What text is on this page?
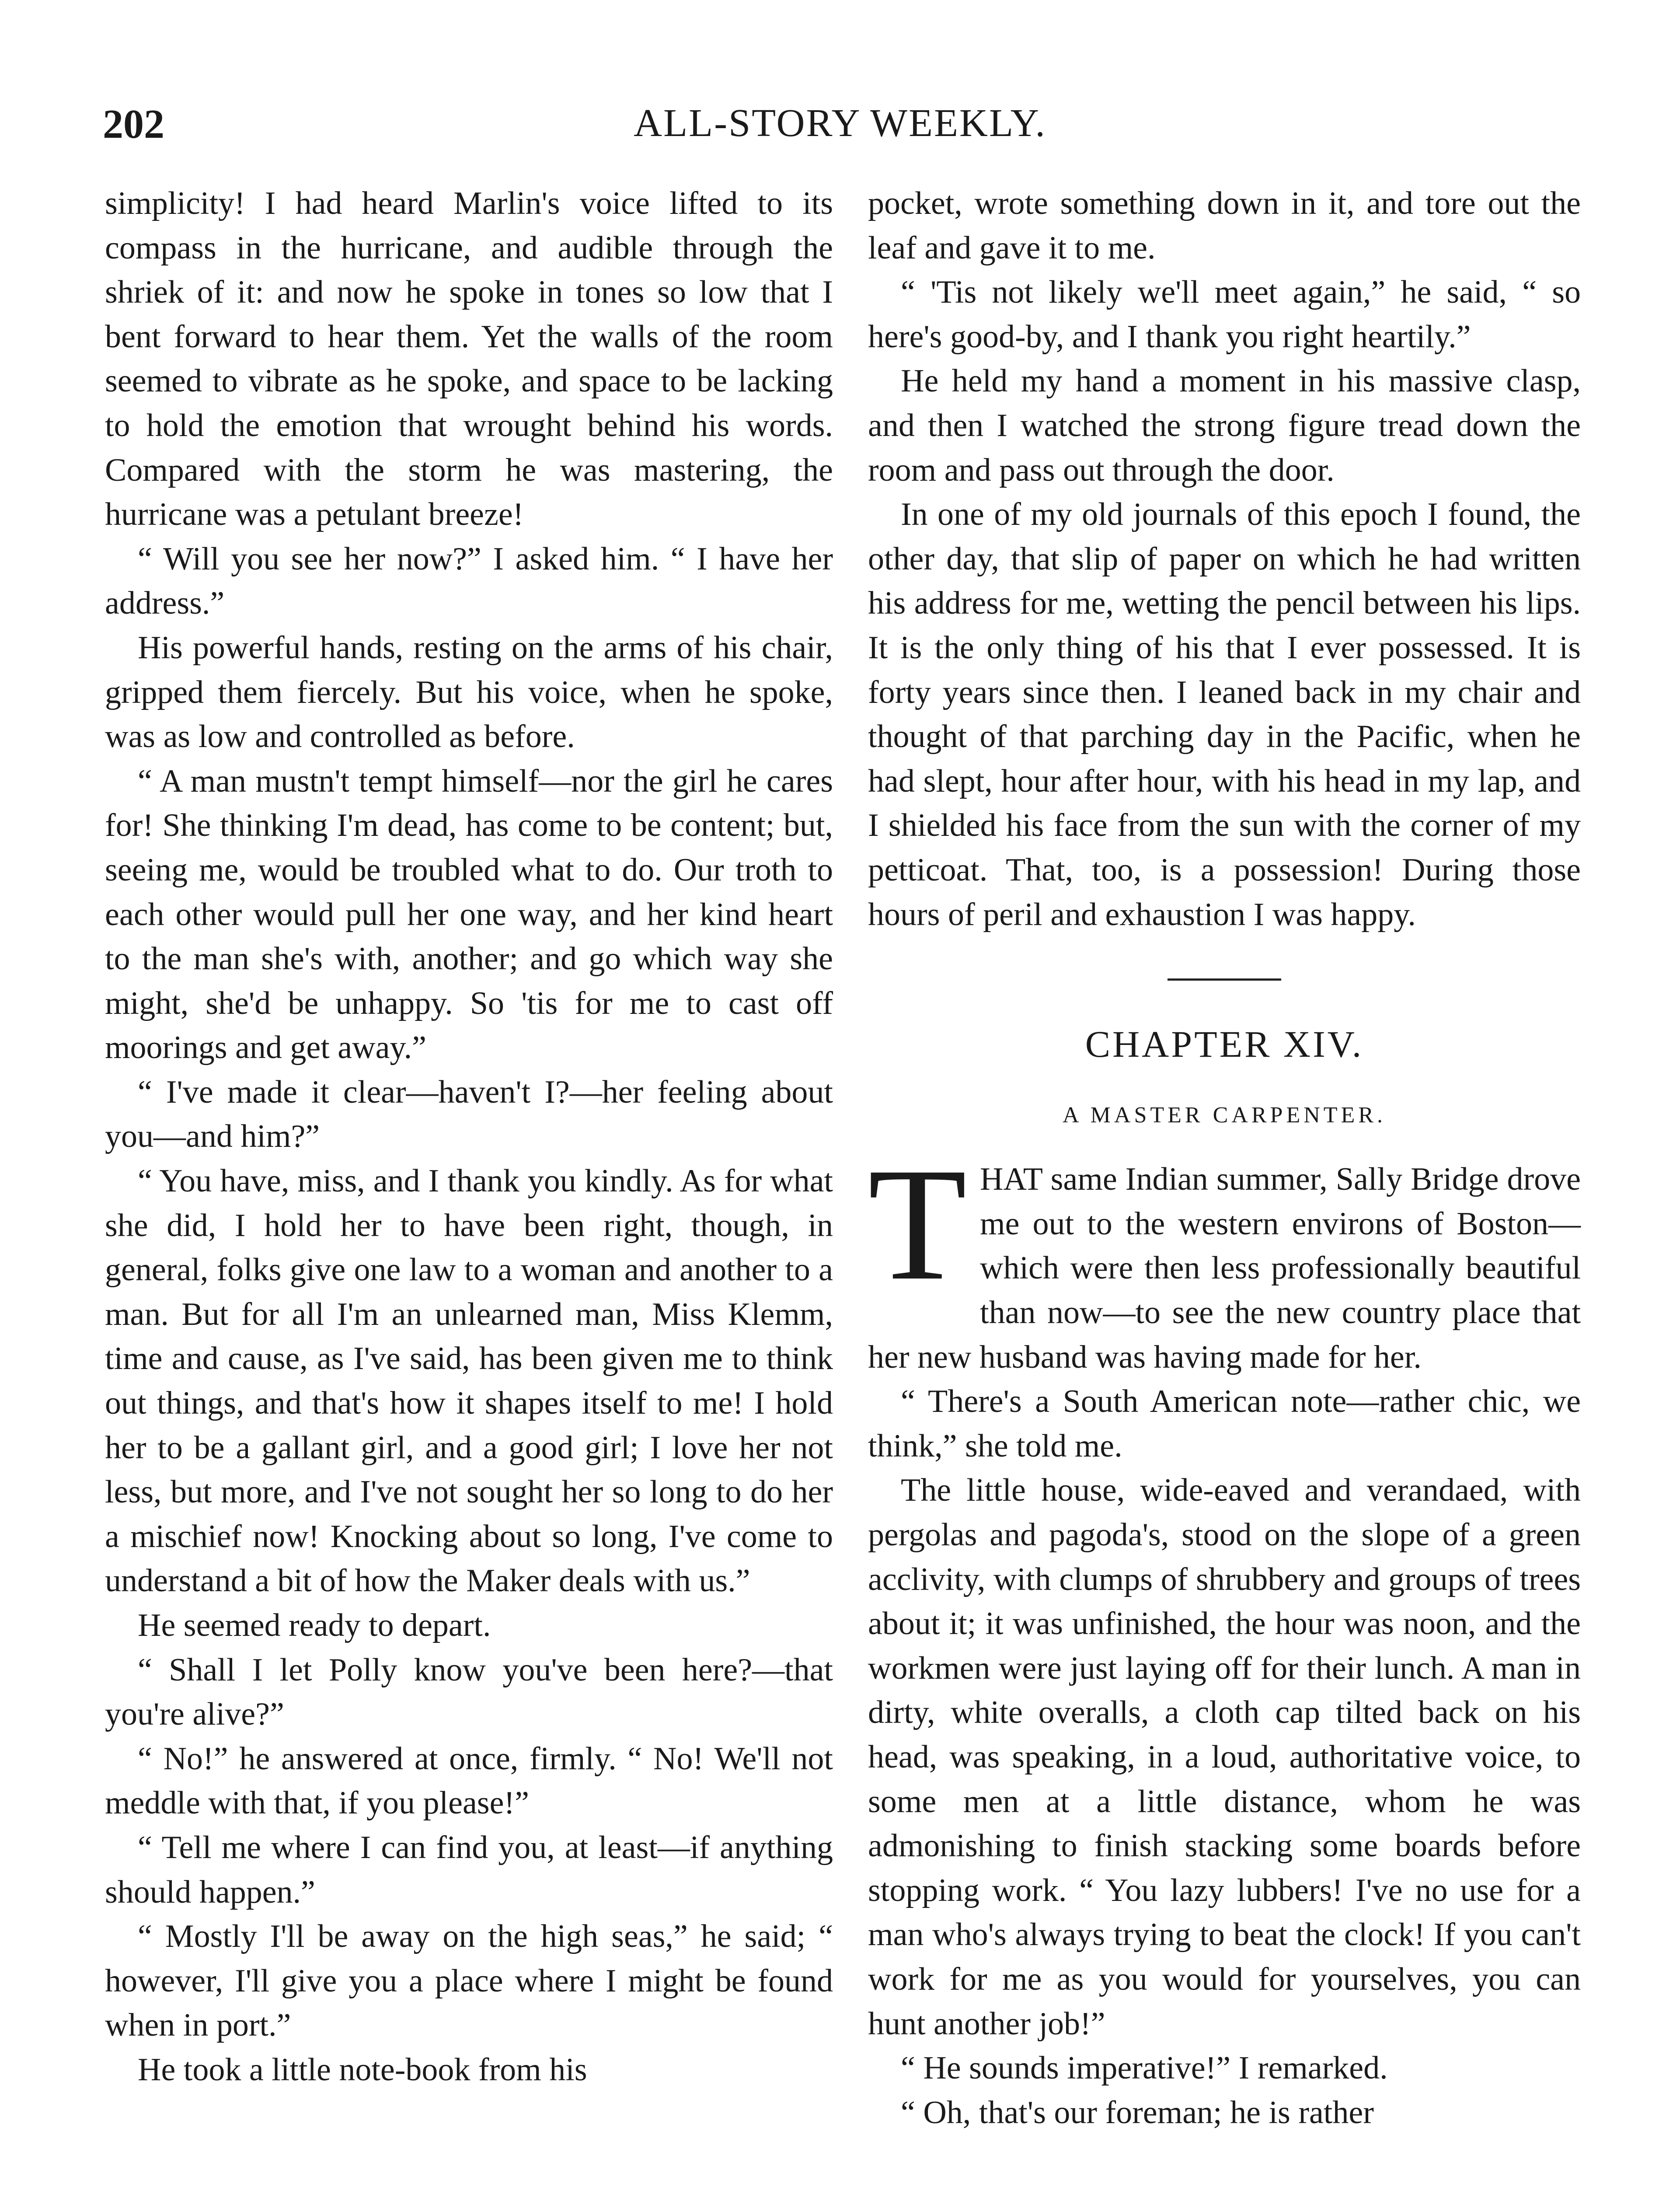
202	ALL-STORY WEEKLY.

simplicity! I had heard Marlin's voice lifted to its compass in the hurricane, and audible through the shriek of it: and now he spoke in tones so low that I bent forward to hear them. Yet the walls of the room seemed to vibrate as he spoke, and space to be lacking to hold the emotion that wrought behind his words. Compared with the storm he was mastering, the hurricane was a petulant breeze!

“ Will you see her now?” I asked him. “ I have her address.”

His powerful hands, resting on the arms of his chair, gripped them fiercely. But his voice, when he spoke, was as low and controlled as before.

“ A man mustn't tempt himself—nor the girl he cares for! She thinking I'm dead, has come to be content; but, seeing me, would be troubled what to do. Our troth to each other would pull her one way, and her kind heart to the man she's with, another; and go which way she might, she'd be unhappy. So 'tis for me to cast off moorings and get away.”

“ I've made it clear—haven't I?—her feeling about you—and him?”

“ You have, miss, and I thank you kindly. As for what she did, I hold her to have been right, though, in general, folks give one law to a woman and another to a man. But for all I'm an unlearned man, Miss Klemm, time and cause, as I've said, has been given me to think out things, and that's how it shapes itself to me! I hold her to be a gallant girl, and a good girl; I love her not less, but more, and I've not sought her so long to do her a mischief now! Knocking about so long, I've come to understand a bit of how the Maker deals with us.”

He seemed ready to depart.

“ Shall I let Polly know you've been here?—that you're alive?”

“ No!” he answered at once, firmly. “ No! We'll not meddle with that, if you please!”

“ Tell me where I can find you, at least—if anything should happen.”

“ Mostly I'll be away on the high seas,” he said; “ however, I'll give you a place where I might be found when in port.”

He took a little note-book from his

pocket, wrote something down in it, and tore out the leaf and gave it to me.

“ 'Tis not likely we'll meet again,” he said, “ so here's good-by, and I thank you right heartily.”

He held my hand a moment in his massive clasp, and then I watched the strong figure tread down the room and pass out through the door.

In one of my old journals of this epoch I found, the other day, that slip of paper on which he had written his address for me, wetting the pencil between his lips. It is the only thing of his that I ever possessed. It is forty years since then. I leaned back in my chair and thought of that parching day in the Pacific, when he had slept, hour after hour, with his head in my lap, and I shielded his face from the sun with the corner of my petticoat. That, too, is a possession! During those hours of peril and exhaustion I was happy.

CHAPTER XIV.
A MASTER CARPENTER.

THAT same Indian summer, Sally Bridge drove me out to the western environs of Boston—which were then less professionally beautiful than now—to see the new country place that her new husband was having made for her.

“ There's a South American note—rather chic, we think,” she told me.

The little house, wide-eaved and verandaed, with pergolas and pagoda's, stood on the slope of a green acclivity, with clumps of shrubbery and groups of trees about it; it was unfinished, the hour was noon, and the workmen were just laying off for their lunch. A man in dirty, white overalls, a cloth cap tilted back on his head, was speaking, in a loud, authoritative voice, to some men at a little distance, whom he was admonishing to finish stacking some boards before stopping work. “ You lazy lubbers! I've no use for a man who's always trying to beat the clock! If you can't work for me as you would for yourselves, you can hunt another job!”

“ He sounds imperative!” I remarked.

“ Oh, that's our foreman; he is rather
